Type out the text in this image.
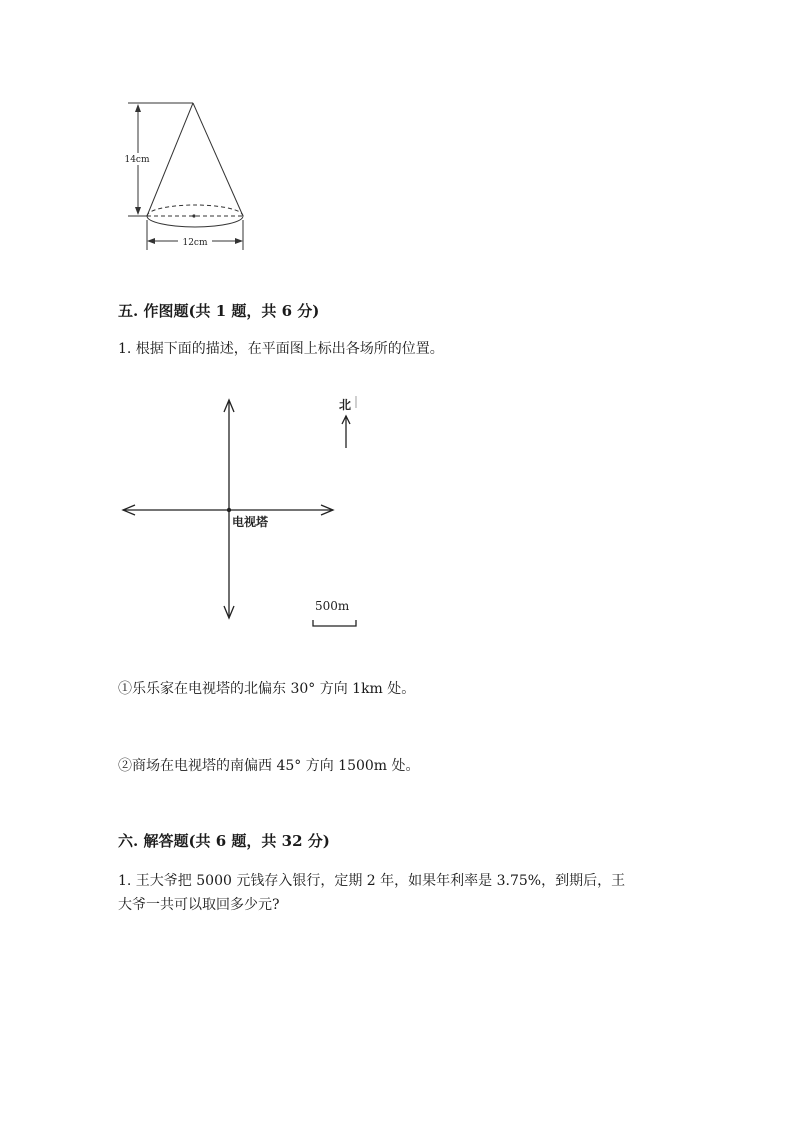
12cm
14cm
五. 作图题(共 1 题，共 6 分)
1. 根据下面的描述，在平面图上标出各场所的位置。
电视塔
北
500m
①乐乐家在电视塔的北偏东 30° 方向 1km 处。
②商场在电视塔的南偏西 45° 方向 1500m 处。
六. 解答题(共 6 题，共 32 分)
1. 王大爷把 5000 元钱存入银行，定期 2 年，如果年利率是 3.75%，到期后，王
大爷一共可以取回多少元?
